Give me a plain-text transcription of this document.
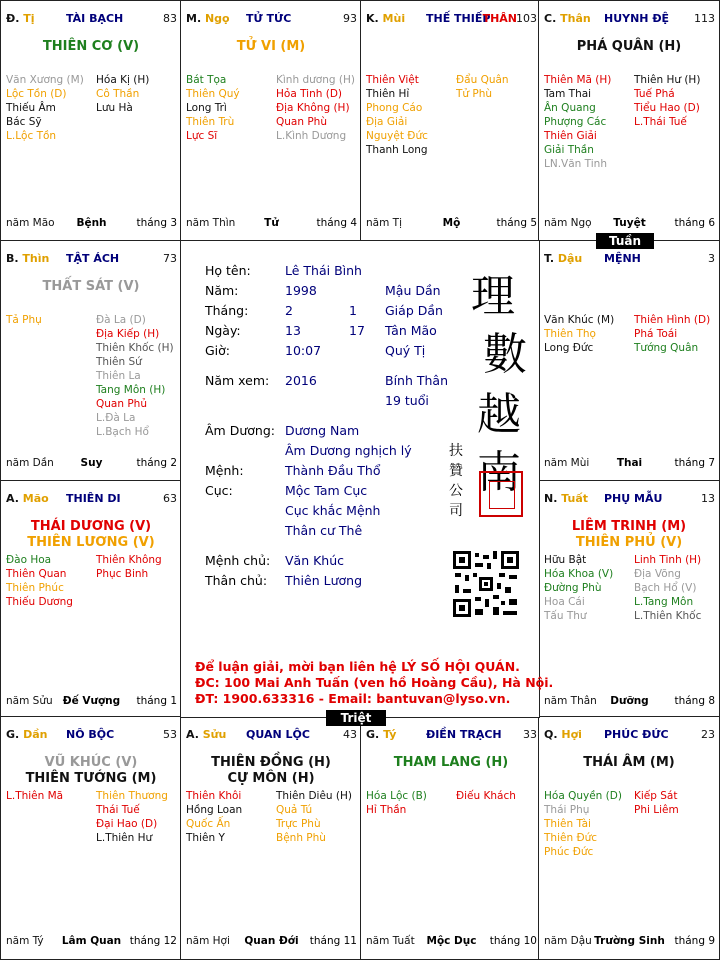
Đ. Tị	TÀI BẠCH	83
THIÊN CƠ (V)
Văn Xương (M)
Lộc Tồn (D)
Thiếu Âm
Bác Sỹ
L.Lộc Tồn
Hóa Kị (H)
Cô Thần
Lưu Hà
năm Mão	Bệnh	tháng 3
M. Ngọ TỬ TỨC	93
TỬ VI (M)
Bát Tọa
Thiên Quý
Long Trì
Thiên Trù
Lực Sĩ
Kình dương (H)
Hỏa Tinh (D)
Địa Không (H)
Quan Phù
L.Kình Dương
năm Thìn	Tử	tháng 4
K. Mùi THẾ THIẾP
THÂN 103
Thiên Việt
Thiên Hỉ
Phong Cáo
Địa Giải
Nguyệt Đức
Thanh Long
Đẩu Quân
Tử Phù
năm Tị	Mộ	tháng 5
C. Thân HUYNH ĐỆ 113
PHÁ QUÂN (H)
Thiên Mã (H)
Tam Thai
Ân Quang
Phượng Các
Thiên Giải
Giải Thần
LN.Văn Tinh
Thiên Hư (H)
Tuế Phá
Tiểu Hao (D)
L.Thái Tuế
năm Ngọ	Tuyệt	tháng 6
B. Thìn TẬT ÁCH	73
THẤT SÁT (V)
Tả Phụ	Đà La (D)
Địa Kiếp (H)
Thiên Khốc (H)
Thiên Sứ
Thiên La
Tang Môn (H)
Quan Phủ
L.Đà La
L.Bạch Hổ
năm Dần	Suy	tháng 2
T. Dậu MỆNH	3
Văn Khúc (M)
Thiên Thọ
Long Đức
Thiên Hình (D)
Phá Toái
Tướng Quân
năm Mùi	Thai	tháng 7
A. Mão THIÊN DI	63
THÁI DƯƠNG (V)
THIÊN LƯƠNG (V)
Đào Hoa
Thiên Quan
Thiên Phúc
Thiếu Dương
Thiên Không
Phục Binh
năm Sửu Đế Vượng	tháng 1
N. Tuất PHỤ MẪU	13
LIÊM TRINH (M)
THIÊN PHỦ (V)
Hữu Bật
Hóa Khoa (V)
Đường Phù
Hoa Cái
Tấu Thư
Linh Tinh (H)
Địa Võng
Bạch Hổ (V)
L.Tang Môn
L.Thiên Khốc
năm Thân	Dưỡng	tháng 8
G. Dần NÔ BỘC	53
VŨ KHÚC (V)
THIÊN TƯỚNG (M)
L.Thiên Mã	Thiên Thương
Thái Tuế
Đại Hao (D)
L.Thiên Hư
năm Tý	Lâm Quan tháng 12
A. Sửu QUAN LỘC	43
THIÊN ĐỒNG (H)
CỰ MÔN (H)
Thiên Khôi
Hồng Loan
Quốc Ấn
Thiên Y
Thiên Diêu (H)
Quả Tú
Trực Phù
Bệnh Phù
năm Hợi	Quan Đới	tháng 11
G. Tý	ĐIỀN TRẠCH 33
THAM LANG (H)
Hóa Lộc (B)
Hỉ Thần
Điếu Khách
năm Tuất	Mộc Dục	tháng 10
Q. Hợi PHÚC ĐỨC	23
THÁI ÂM (M)
Hóa Quyền (D)
Thái Phụ
Thiên Tài
Thiên Đức
Phúc Đức
Kiếp Sát
Phi Liêm
năm Dậu Trường Sinh tháng 9
Họ tên:	Lê Thái Bình
Năm:	1998	Mậu Dần
Tháng:	2	1 Giáp Dần
Ngày:	13	17 Tân Mão
Giờ:	10:07	Quý Tị
Năm xem: 2016	Bính Thân
19 tuổi
Âm Dương: Dương Nam
Âm Dương nghịch lý
Mệnh:	Thành Đầu Thổ
Cục:	Mộc Tam Cục
Cục khắc Mệnh
Thân cư Thê
Mệnh chủ: Văn Khúc
Thân chủ: Thiên Lương
理
數
越
南
扶
贊
公
司
Để luận giải, mời bạn liên hệ LÝ SỐ HỘI QUÁN.
ĐC: 100 Mai Anh Tuấn (ven hồ Hoàng Cầu), Hà Nội.
ĐT: 1900.633316 - Email: bantuvan@lyso.vn.
Tuần
Triệt
